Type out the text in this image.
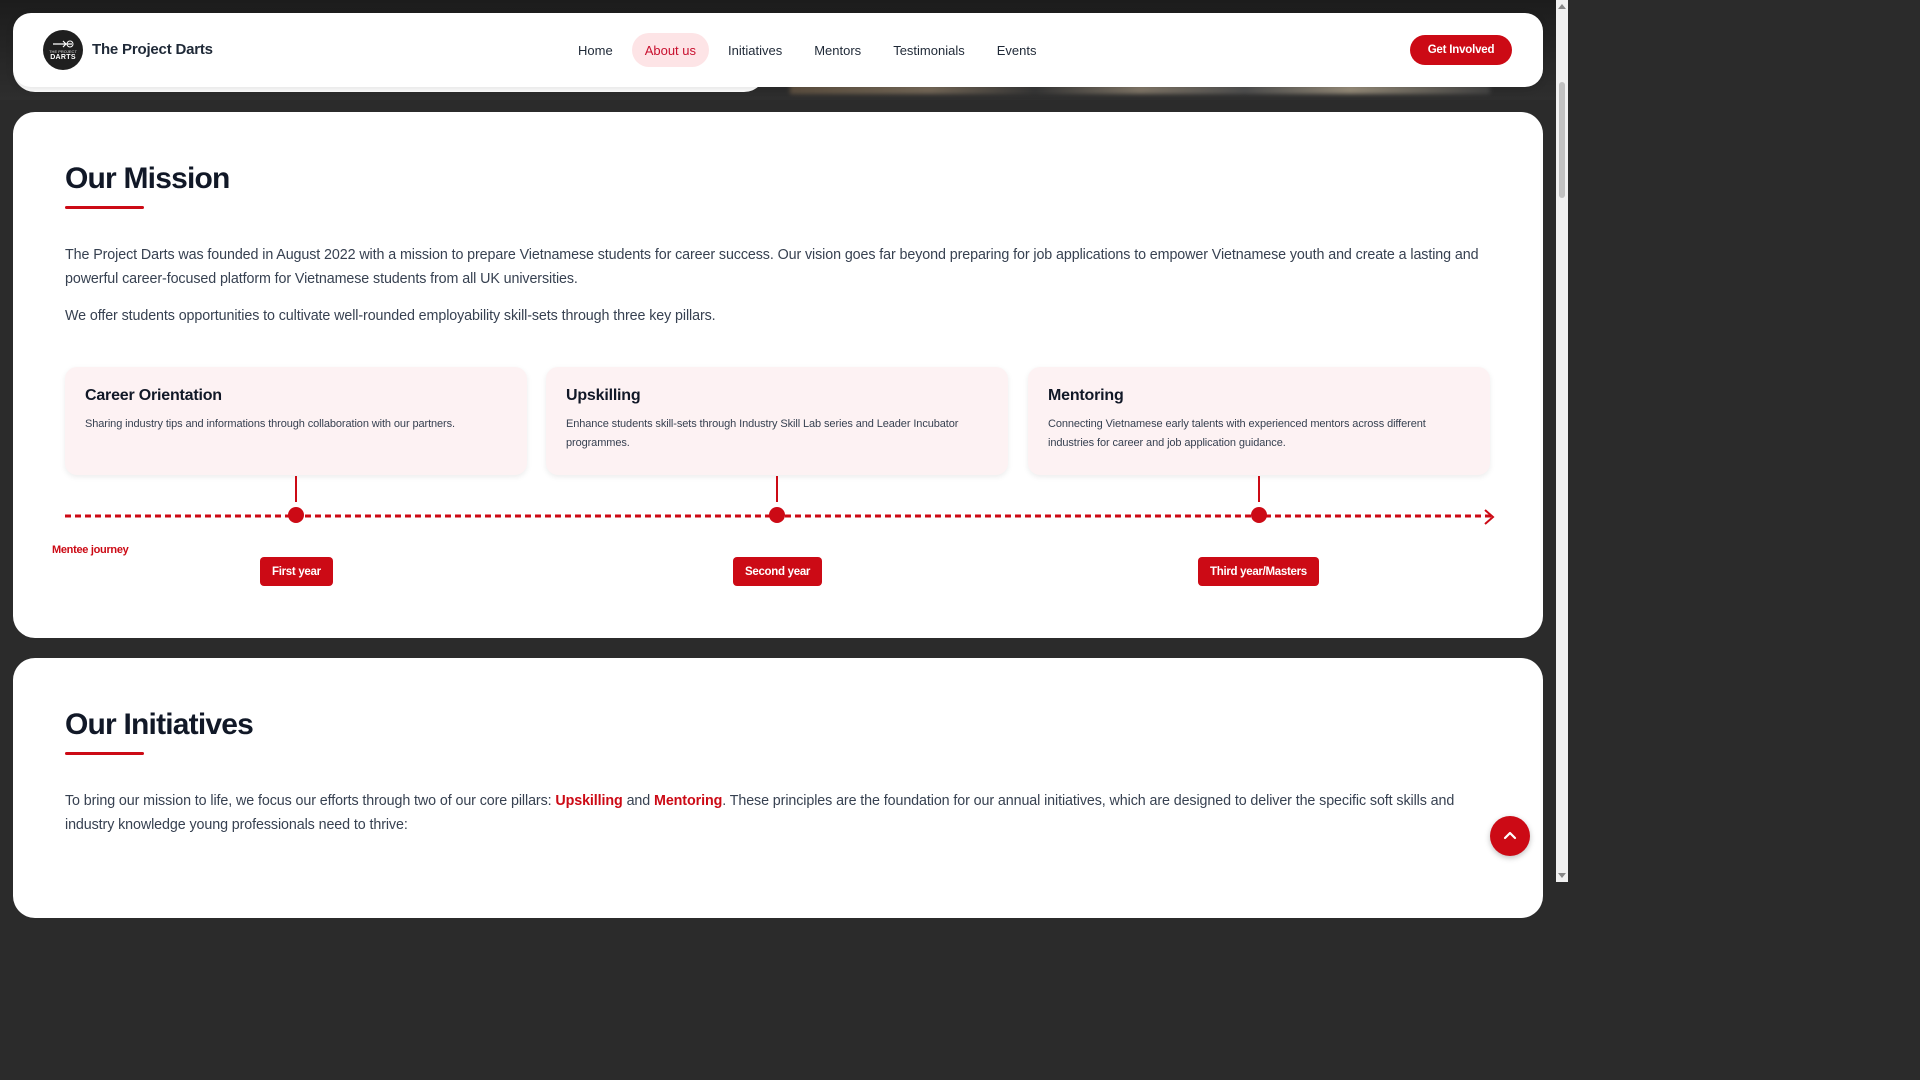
THE PROJECT
DARTS The Project Darts	Home	About us	Initiatives	Mentors	Testimonials	Events	Get Involved
Our Mission

The Project Darts was founded in August 2022 with a mission to prepare Vietnamese students for career success. Our vision goes far beyond preparing for job applications to empower Vietnamese youth and create a lasting and powerful career-focused platform for Vietnamese students from all UK universities.

We offer students opportunities to cultivate well-rounded employability skill-sets through three key pillars.

Career Orientation
Sharing industry tips and informations through collaboration with our partners.
Upskilling
Enhance students skill-sets through Industry Skill Lab series and Leader Incubator programmes.
Mentoring
Connecting Vietnamese early talents with experienced mentors across different industries for career and job application guidance.
Mentee journey
First year	Second year	Third year/Masters
Our Initiatives

To bring our mission to life, we focus our efforts through two of our core pillars: Upskilling and Mentoring. These principles are the foundation for our annual initiatives, which are designed to deliver the specific soft skills and industry knowledge young professionals need to thrive:
